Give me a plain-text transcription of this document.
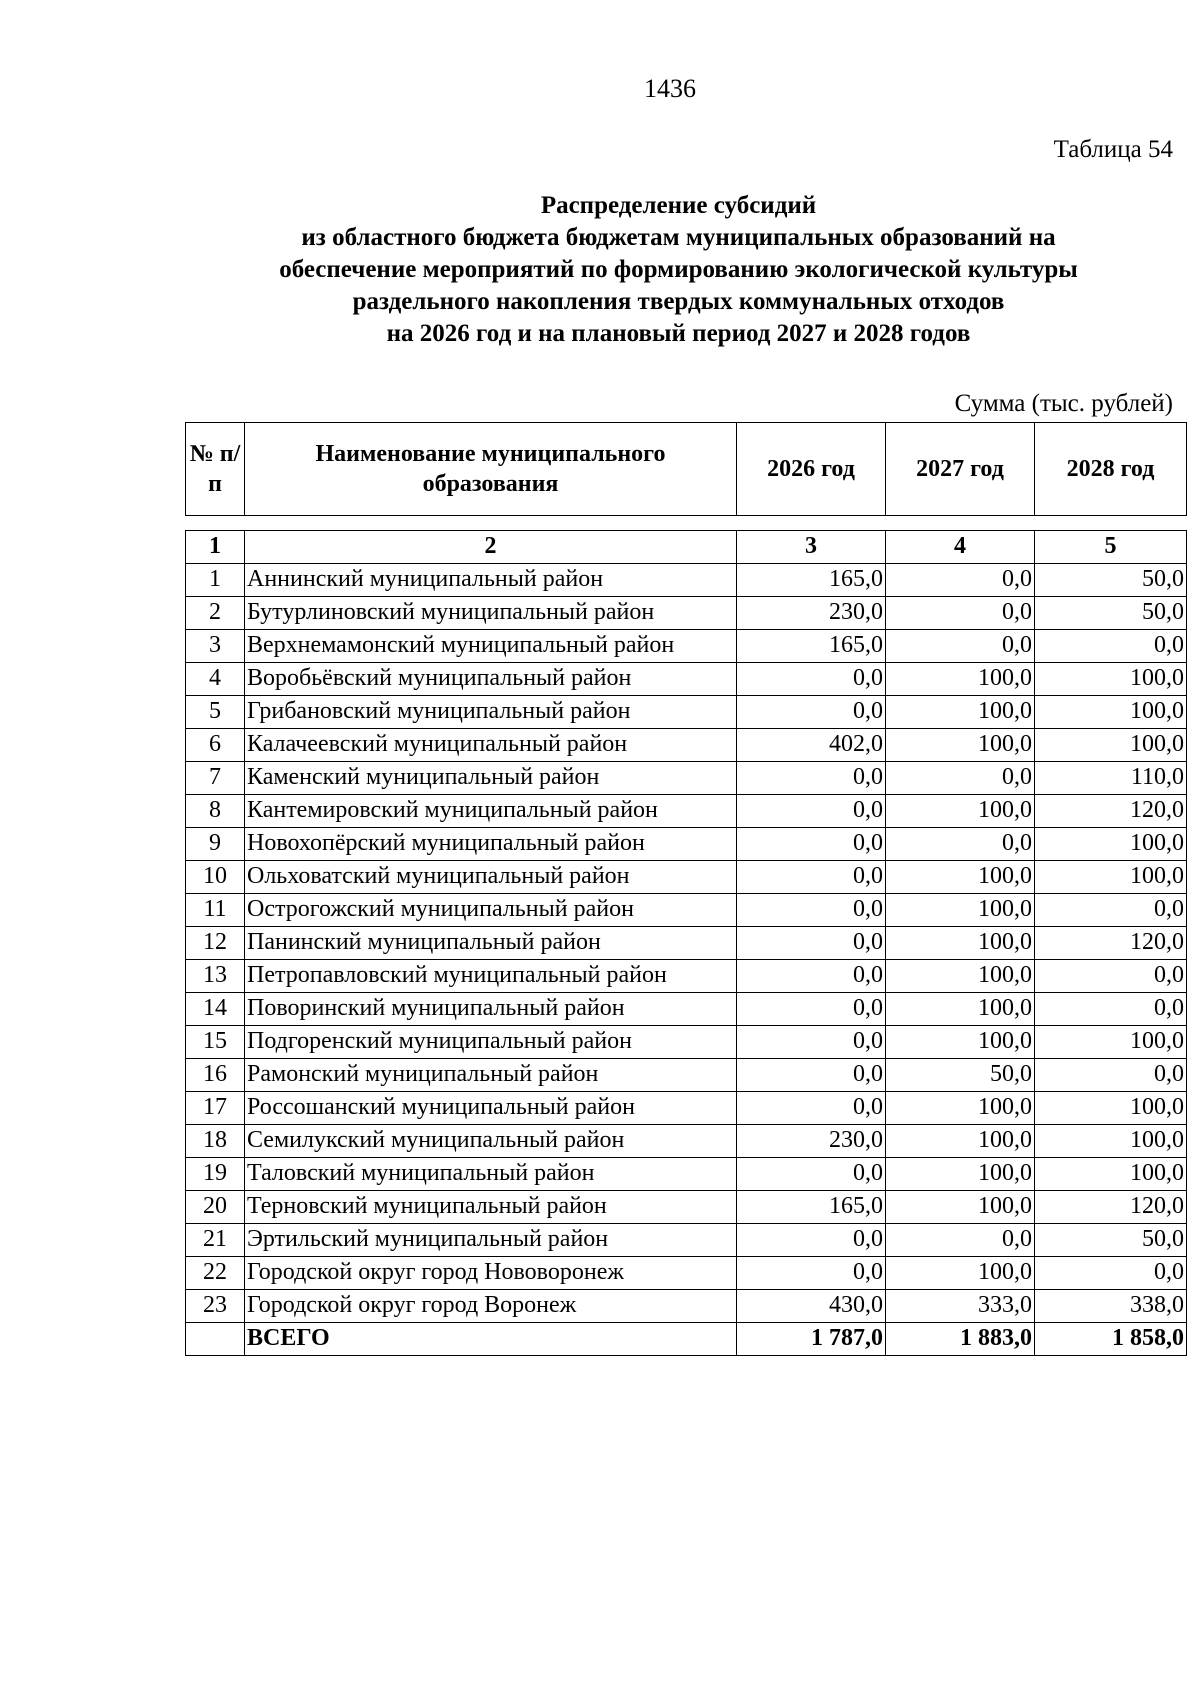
1436
Таблица 54
Распределение субсидий
из областного бюджета бюджетам муниципальных образований на
обеспечение мероприятий по формированию экологической культуры
раздельного накопления твердых коммунальных отходов
на 2026 год и на плановый период 2027 и 2028 годов
Сумма (тыс. рублей)
№ п/п	Наименование муниципального образования	2026 год	2027 год	2028 год
1	2	3	4	5
1	Аннинский муниципальный район	165,0	0,0	50,0
2	Бутурлиновский муниципальный район	230,0	0,0	50,0
3	Верхнемамонский муниципальный район	165,0	0,0	0,0
4	Воробьёвский муниципальный район	0,0	100,0	100,0
5	Грибановский муниципальный район	0,0	100,0	100,0
6	Калачеевский муниципальный район	402,0	100,0	100,0
7	Каменский муниципальный район	0,0	0,0	110,0
8	Кантемировский муниципальный район	0,0	100,0	120,0
9	Новохопёрский муниципальный район	0,0	0,0	100,0
10	Ольховатский муниципальный район	0,0	100,0	100,0
11	Острогожский муниципальный район	0,0	100,0	0,0
12	Панинский муниципальный район	0,0	100,0	120,0
13	Петропавловский муниципальный район	0,0	100,0	0,0
14	Поворинский муниципальный район	0,0	100,0	0,0
15	Подгоренский муниципальный район	0,0	100,0	100,0
16	Рамонский муниципальный район	0,0	50,0	0,0
17	Россошанский муниципальный район	0,0	100,0	100,0
18	Семилукский муниципальный район	230,0	100,0	100,0
19	Таловский муниципальный район	0,0	100,0	100,0
20	Терновский муниципальный район	165,0	100,0	120,0
21	Эртильский муниципальный район	0,0	0,0	50,0
22	Городской округ город Нововоронеж	0,0	100,0	0,0
23	Городской округ город Воронеж	430,0	333,0	338,0
	ВСЕГО	1 787,0	1 883,0	1 858,0
